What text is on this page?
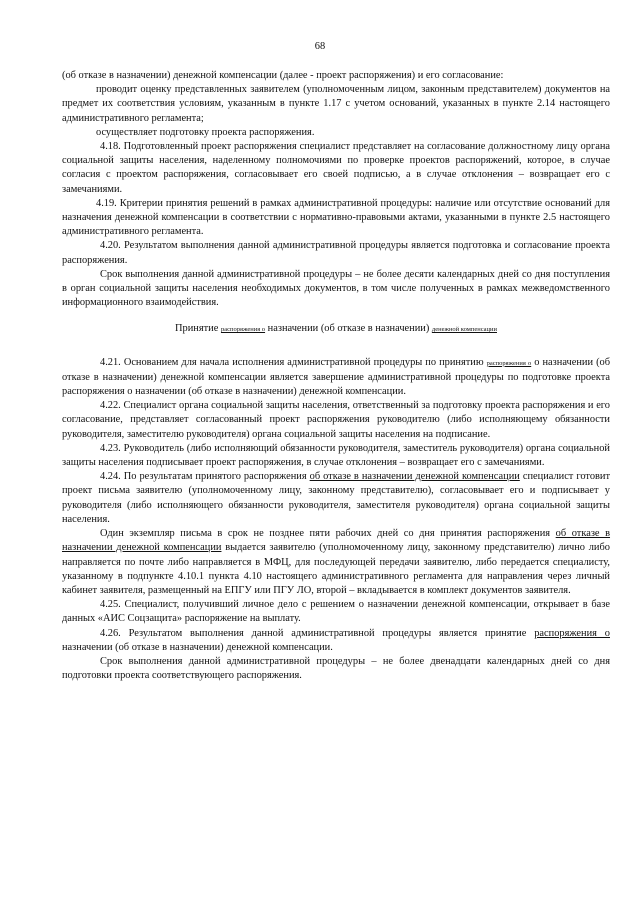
68

(об отказе в назначении) денежной компенсации (далее - проект распоряжения) и его согласование:

проводит оценку представленных заявителем (уполномоченным лицом, законным представителем) документов на предмет их соответствия условиям, указанным в пункте 1.17 с учетом оснований, указанных в пункте 2.14 настоящего административного регламента;

осуществляет подготовку проекта распоряжения.

4.18. Подготовленный проект распоряжения специалист представляет на согласование должностному лицу органа социальной защиты населения, наделенному полномочиями по проверке проектов распоряжений, которое, в случае согласия с проектом распоряжения, согласовывает его своей подписью, а в случае отклонения – возвращает его с замечаниями.

4.19. Критерии принятия решений в рамках административной процедуры: наличие или отсутствие оснований для назначения денежной компенсации в соответствии с нормативно-правовыми актами, указанными в пункте 2.5 настоящего административного регламента.

4.20. Результатом выполнения данной административной процедуры является подготовка и согласование проекта распоряжения.

Срок выполнения данной административной процедуры – не более десяти календарных дней со дня поступления в орган социальной защиты населения необходимых документов, в том числе полученных в рамках межведомственного информационного взаимодействия.

Принятие распоряжения о назначении (об отказе в назначении) денежной компенсации

4.21. Основанием для начала исполнения административной процедуры по принятию распоряжения о о назначении (об отказе в назначении) денежной компенсации является завершение административной процедуры по подготовке проекта распоряжения о назначении (об отказе в назначении) денежной компенсации.

4.22. Специалист органа социальной защиты населения, ответственный за подготовку проекта распоряжения и его согласование, представляет согласованный проект распоряжения руководителю (либо исполняющему обязанности руководителя, заместителю руководителя) органа социальной защиты населения на подписание.

4.23. Руководитель (либо исполняющий обязанности руководителя, заместитель руководителя) органа социальной защиты населения подписывает проект распоряжения, в случае отклонения – возвращает его с замечаниями.

4.24. По результатам принятого распоряжения об отказе в назначении денежной компенсации специалист готовит проект письма заявителю (уполномоченному лицу, законному представителю), согласовывает его и подписывает у руководителя (либо исполняющего обязанности руководителя, заместителя руководителя) органа социальной защиты населения.

Один экземпляр письма в срок не позднее пяти рабочих дней со дня принятия распоряжения об отказе в назначении денежной компенсации выдается заявителю (уполномоченному лицу, законному представителю) лично либо направляется по почте либо направляется в МФЦ, для последующей передачи заявителю, либо передается специалисту, указанному в подпункте 4.10.1 пункта 4.10 настоящего административного регламента для направления через личный кабинет заявителя, размещенный на ЕПГУ или ПГУ ЛО, второй – вкладывается в комплект документов заявителя.

4.25. Специалист, получивший личное дело с решением о назначении денежной компенсации, открывает в базе данных «АИС Соцзащита» распоряжение на выплату.

4.26. Результатом выполнения данной административной процедуры является принятие распоряжения о назначении (об отказе в назначении) денежной компенсации.

Срок выполнения данной административной процедуры – не более двенадцати календарных дней со дня подготовки проекта соответствующего распоряжения.
